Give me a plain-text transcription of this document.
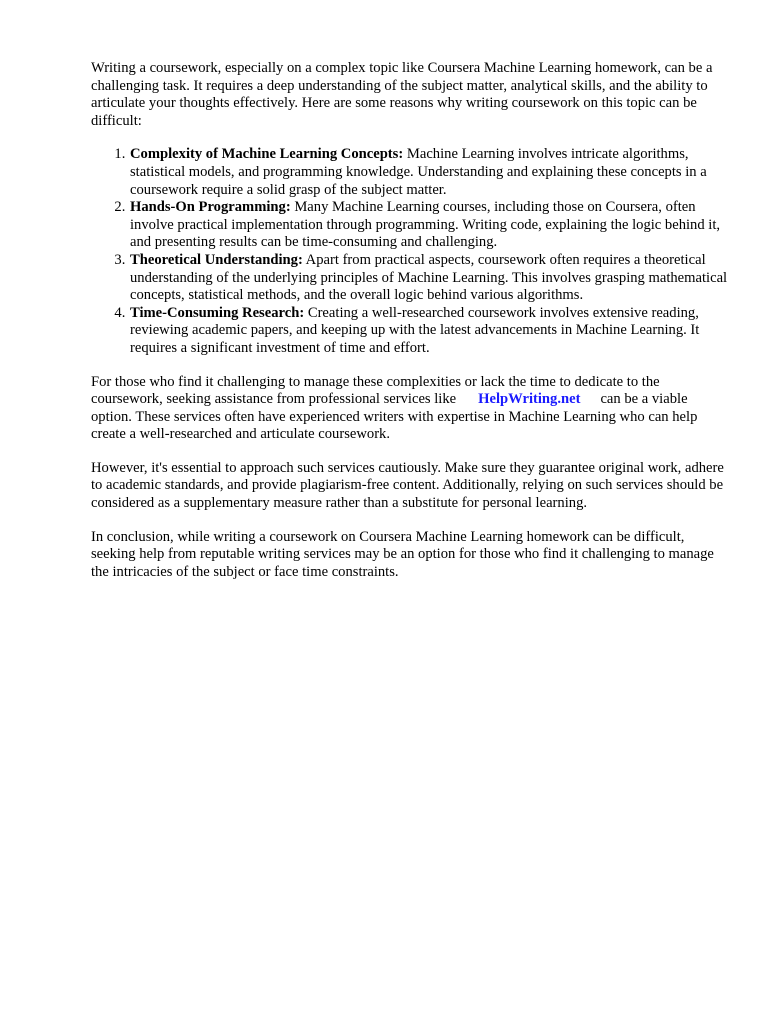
Writing a coursework, especially on a complex topic like Coursera Machine Learning homework, can be a challenging task. It requires a deep understanding of the subject matter, analytical skills, and the ability to articulate your thoughts effectively. Here are some reasons why writing coursework on this topic can be difficult:

1. Complexity of Machine Learning Concepts: Machine Learning involves intricate algorithms, statistical models, and programming knowledge. Understanding and explaining these concepts in a coursework require a solid grasp of the subject matter.
2. Hands-On Programming: Many Machine Learning courses, including those on Coursera, often involve practical implementation through programming. Writing code, explaining the logic behind it, and presenting results can be time-consuming and challenging.
3. Theoretical Understanding: Apart from practical aspects, coursework often requires a theoretical understanding of the underlying principles of Machine Learning. This involves grasping mathematical concepts, statistical methods, and the overall logic behind various algorithms.
4. Time-Consuming Research: Creating a well-researched coursework involves extensive reading, reviewing academic papers, and keeping up with the latest advancements in Machine Learning. It requires a significant investment of time and effort.

For those who find it challenging to manage these complexities or lack the time to dedicate to the coursework, seeking assistance from professional services like HelpWriting.net can be a viable option. These services often have experienced writers with expertise in Machine Learning who can help create a well-researched and articulate coursework.

However, it's essential to approach such services cautiously. Make sure they guarantee original work, adhere to academic standards, and provide plagiarism-free content. Additionally, relying on such services should be considered as a supplementary measure rather than a substitute for personal learning.

In conclusion, while writing a coursework on Coursera Machine Learning homework can be difficult, seeking help from reputable writing services may be an option for those who find it challenging to manage the intricacies of the subject or face time constraints.
